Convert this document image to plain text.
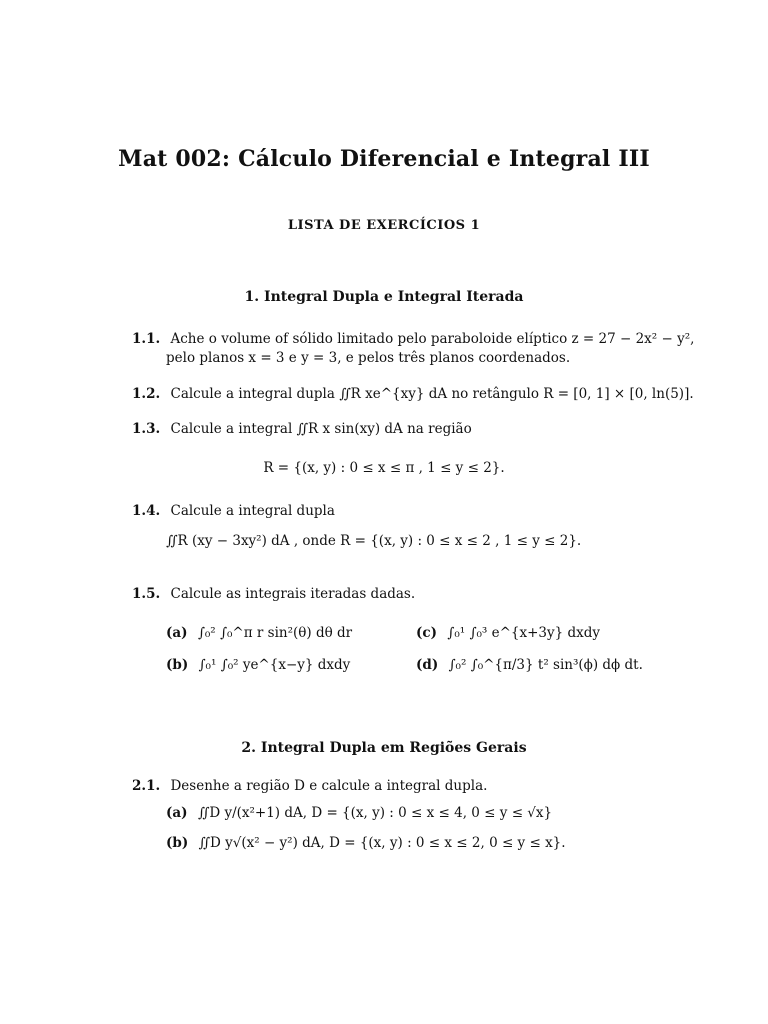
Mat 002: Cálculo Diferencial e Integral III
LISTA DE EXERCÍCIOS 1
1. Integral Dupla e Integral Iterada
1.1. Ache o volume of sólido limitado pelo paraboloide elíptico z = 27 − 2x² − y²,
pelo planos x = 3 e y = 3, e pelos três planos coordenados.
1.2. Calcule a integral dupla ∬R xe^{xy} dA no retângulo R = [0, 1] × [0, ln(5)].
1.3. Calcule a integral ∬R x sin(xy) dA na região
R = {(x, y) : 0 ≤ x ≤ π , 1 ≤ y ≤ 2}.
1.4. Calcule a integral dupla
∬R (xy − 3xy²) dA , onde R = {(x, y) : 0 ≤ x ≤ 2 , 1 ≤ y ≤ 2}.
1.5. Calcule as integrais iteradas dadas.
(a) ∫₀² ∫₀^π r sin²(θ) dθ dr	(c) ∫₀¹ ∫₀³ e^{x+3y} dxdy
(b) ∫₀¹ ∫₀² ye^{x−y} dxdy	(d) ∫₀² ∫₀^{π/3} t² sin³(ϕ) dϕ dt.
2. Integral Dupla em Regiões Gerais
2.1. Desenhe a região D e calcule a integral dupla.
(a) ∬D y/(x²+1) dA, D = {(x, y) : 0 ≤ x ≤ 4, 0 ≤ y ≤ √x}
(b) ∬D y√(x² − y²) dA, D = {(x, y) : 0 ≤ x ≤ 2, 0 ≤ y ≤ x}.
